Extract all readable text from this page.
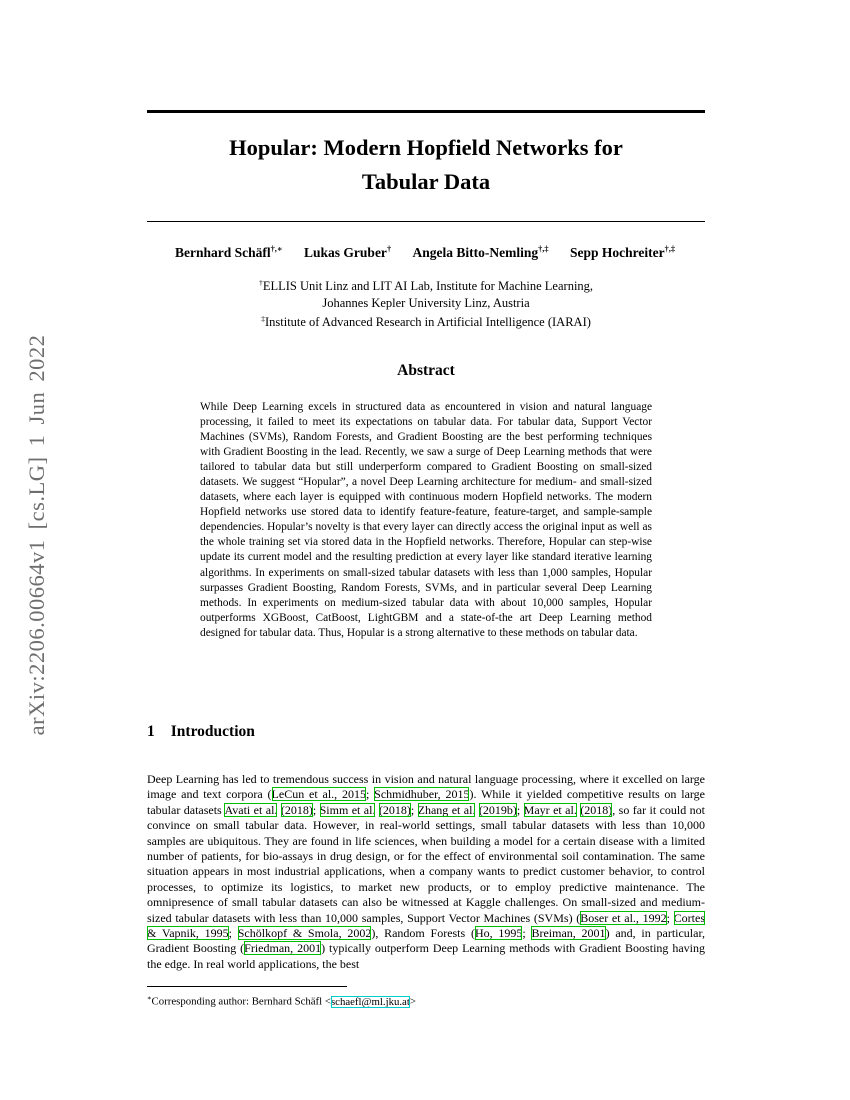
arXiv:2206.00664v1 [cs.LG] 1 Jun 2022
Hopular: Modern Hopfield Networks for
Tabular Data
Bernhard Schäfl†,∗ Lukas Gruber† Angela Bitto-Nemling†,‡ Sepp Hochreiter†,‡
†ELLIS Unit Linz and LIT AI Lab, Institute for Machine Learning,
Johannes Kepler University Linz, Austria
‡Institute of Advanced Research in Artificial Intelligence (IARAI)
Abstract
While Deep Learning excels in structured data as encountered in vision and natural language processing, it failed to meet its expectations on tabular data. For tabular data, Support Vector Machines (SVMs), Random Forests, and Gradient Boosting are the best performing techniques with Gradient Boosting in the lead. Recently, we saw a surge of Deep Learning methods that were tailored to tabular data but still underperform compared to Gradient Boosting on small-sized datasets. We suggest “Hopular”, a novel Deep Learning architecture for medium- and small-sized datasets, where each layer is equipped with continuous modern Hopfield networks. The modern Hopfield networks use stored data to identify feature-feature, feature-target, and sample-sample dependencies. Hopular’s novelty is that every layer can directly access the original input as well as the whole training set via stored data in the Hopfield networks. Therefore, Hopular can step-wise update its current model and the resulting prediction at every layer like standard iterative learning algorithms. In experiments on small-sized tabular datasets with less than 1,000 samples, Hopular surpasses Gradient Boosting, Random Forests, SVMs, and in particular several Deep Learning methods. In experiments on medium-sized tabular data with about 10,000 samples, Hopular outperforms XGBoost, CatBoost, LightGBM and a state-of-the art Deep Learning method designed for tabular data. Thus, Hopular is a strong alternative to these methods on tabular data.
1 Introduction
Deep Learning has led to tremendous success in vision and natural language processing, where it excelled on large image and text corpora (LeCun et al., 2015; Schmidhuber, 2015). While it yielded competitive results on large tabular datasets Avati et al. (2018); Simm et al. (2018); Zhang et al. (2019b); Mayr et al. (2018), so far it could not convince on small tabular data. However, in real-world settings, small tabular datasets with less than 10,000 samples are ubiquitous. They are found in life sciences, when building a model for a certain disease with a limited number of patients, for bio-assays in drug design, or for the effect of environmental soil contamination. The same situation appears in most industrial applications, when a company wants to predict customer behavior, to control processes, to optimize its logistics, to market new products, or to employ predictive maintenance. The omnipresence of small tabular datasets can also be witnessed at Kaggle challenges. On small-sized and medium-sized tabular datasets with less than 10,000 samples, Support Vector Machines (SVMs) (Boser et al., 1992; Cortes & Vapnik, 1995; Schölkopf & Smola, 2002), Random Forests (Ho, 1995; Breiman, 2001) and, in particular, Gradient Boosting (Friedman, 2001) typically outperform Deep Learning methods with Gradient Boosting having the edge. In real world applications, the best
∗Corresponding author: Bernhard Schäfl <schaefl@ml.jku.at>
